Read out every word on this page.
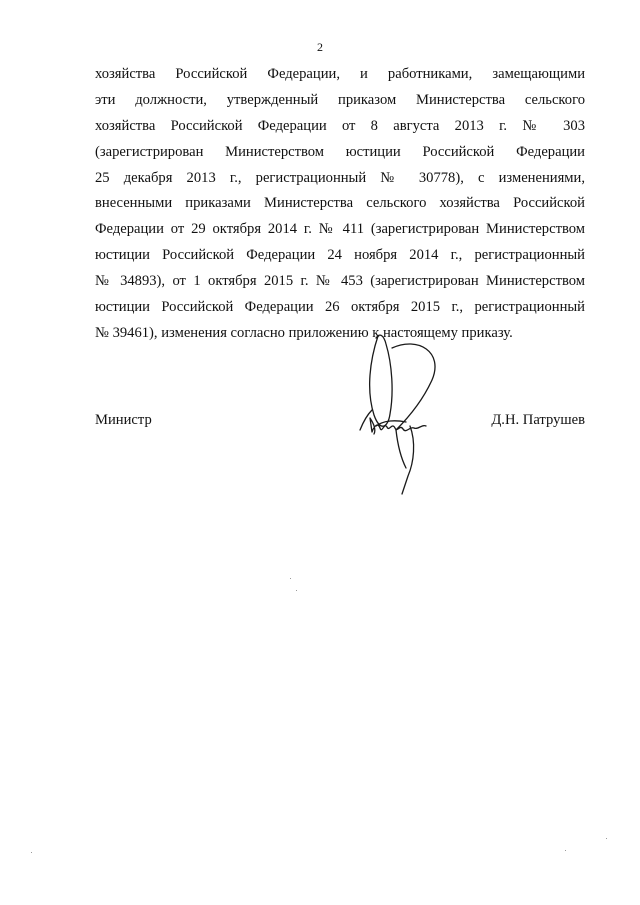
2
хозяйства Российской Федерации, и работниками, замещающими
эти должности, утвержденный приказом Министерства сельского
хозяйства Российской Федерации от 8 августа 2013 г. № 303
(зарегистрирован Министерством юстиции Российской Федерации
25 декабря 2013 г., регистрационный № 30778), с изменениями,
внесенными приказами Министерства сельского хозяйства Российской
Федерации от 29 октября 2014 г. № 411 (зарегистрирован Министерством
юстиции Российской Федерации 24 ноября 2014 г., регистрационный
№ 34893), от 1 октября 2015 г. № 453 (зарегистрирован Министерством
юстиции Российской Федерации 26 октября 2015 г., регистрационный
№ 39461), изменения согласно приложению к настоящему приказу.
Министр	Д.Н. Патрушев
